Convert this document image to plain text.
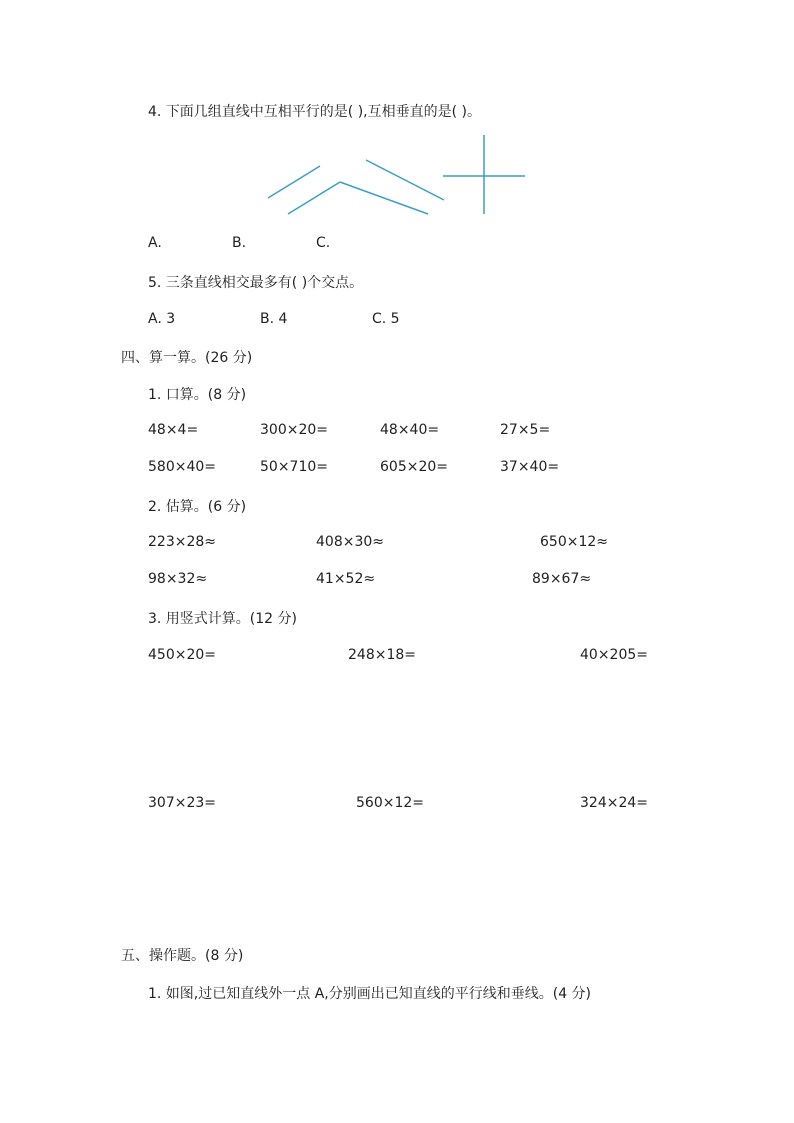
4. 下面几组直线中互相平行的是( ),互相垂直的是( )。
A.	B.	C.
5. 三条直线相交最多有( )个交点。
A. 3	B. 4	C. 5
四、算一算。(26 分)
1. 口算。(8 分)
48×4=	300×20=	48×40=	27×5=
580×40=	50×710=	605×20=	37×40=
2. 估算。(6 分)
223×28≈	408×30≈	650×12≈
98×32≈	41×52≈	89×67≈
3. 用竖式计算。(12 分)
450×20=	248×18=	40×205=
307×23=	560×12=	324×24=
五、操作题。(8 分)
1. 如图,过已知直线外一点 A,分别画出已知直线的平行线和垂线。(4 分)
